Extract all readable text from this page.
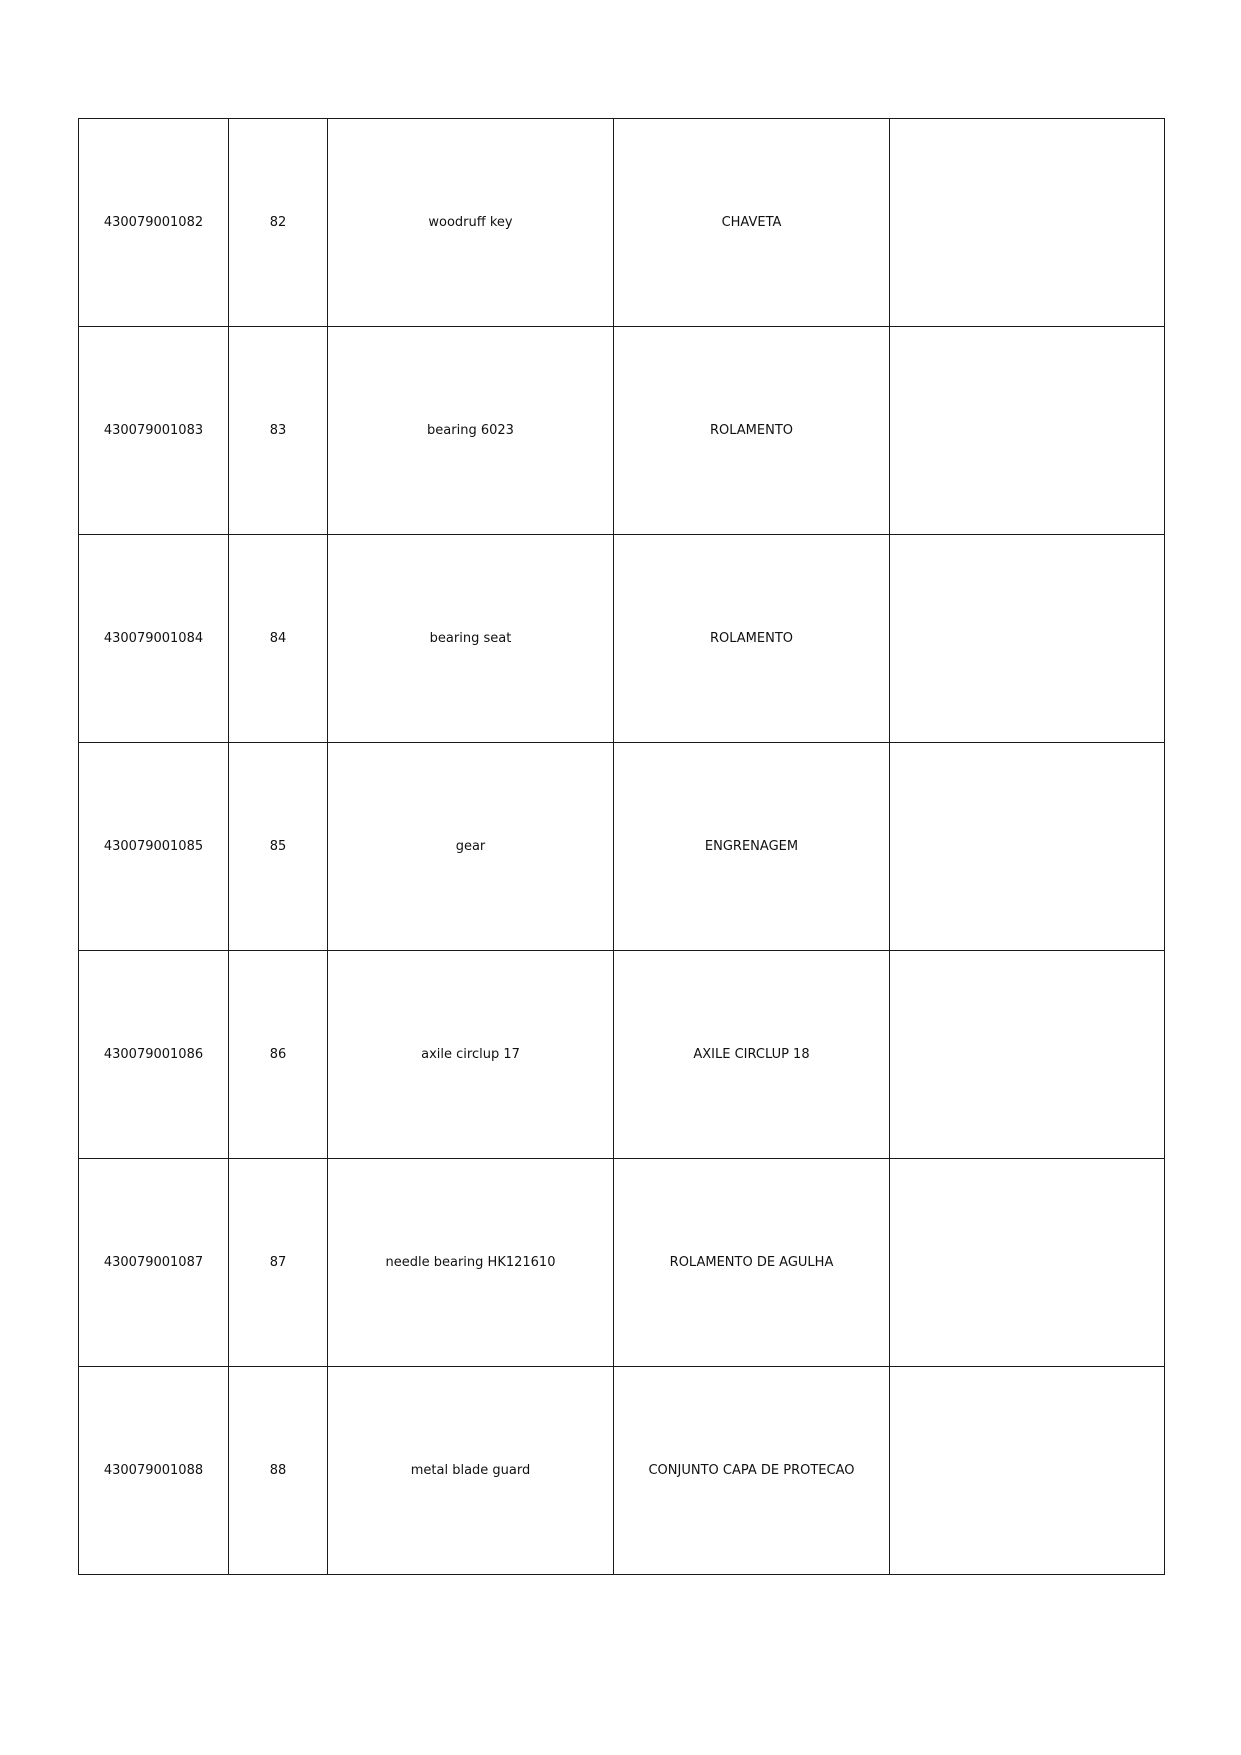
430079001082	82	woodruff key	CHAVETA	
430079001083	83	bearing 6023	ROLAMENTO	
430079001084	84	bearing seat	ROLAMENTO	
430079001085	85	gear	ENGRENAGEM	
430079001086	86	axile circlup 17	AXILE CIRCLUP 18	
430079001087	87	needle bearing HK121610	ROLAMENTO DE AGULHA	
430079001088	88	metal blade guard	CONJUNTO CAPA DE PROTECAO	
